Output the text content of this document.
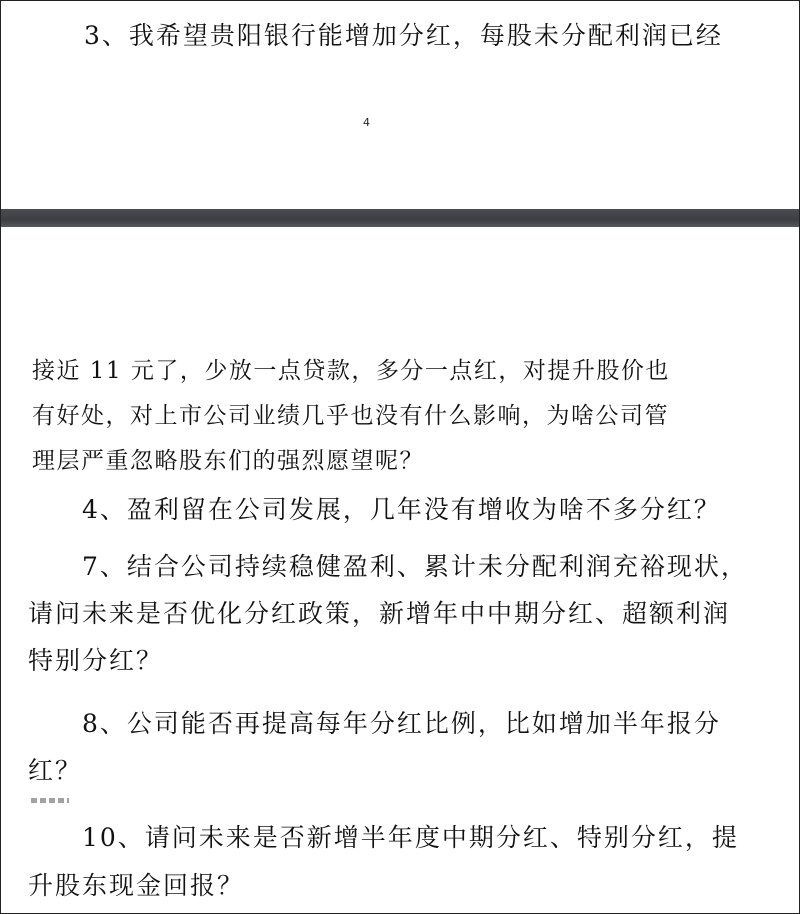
3、我希望贵阳银行能增加分红，每股未分配利润已经
4
接近 11 元了，少放一点贷款，多分一点红，对提升股价也
有好处，对上市公司业绩几乎也没有什么影响，为啥公司管
理层严重忽略股东们的强烈愿望呢？
4、盈利留在公司发展，几年没有增收为啥不多分红？
7、结合公司持续稳健盈利、累计未分配利润充裕现状，
请问未来是否优化分红政策，新增年中中期分红、超额利润
特别分红？
8、公司能否再提高每年分红比例，比如增加半年报分
红？
10、请问未来是否新增半年度中期分红、特别分红，提
升股东现金回报？
